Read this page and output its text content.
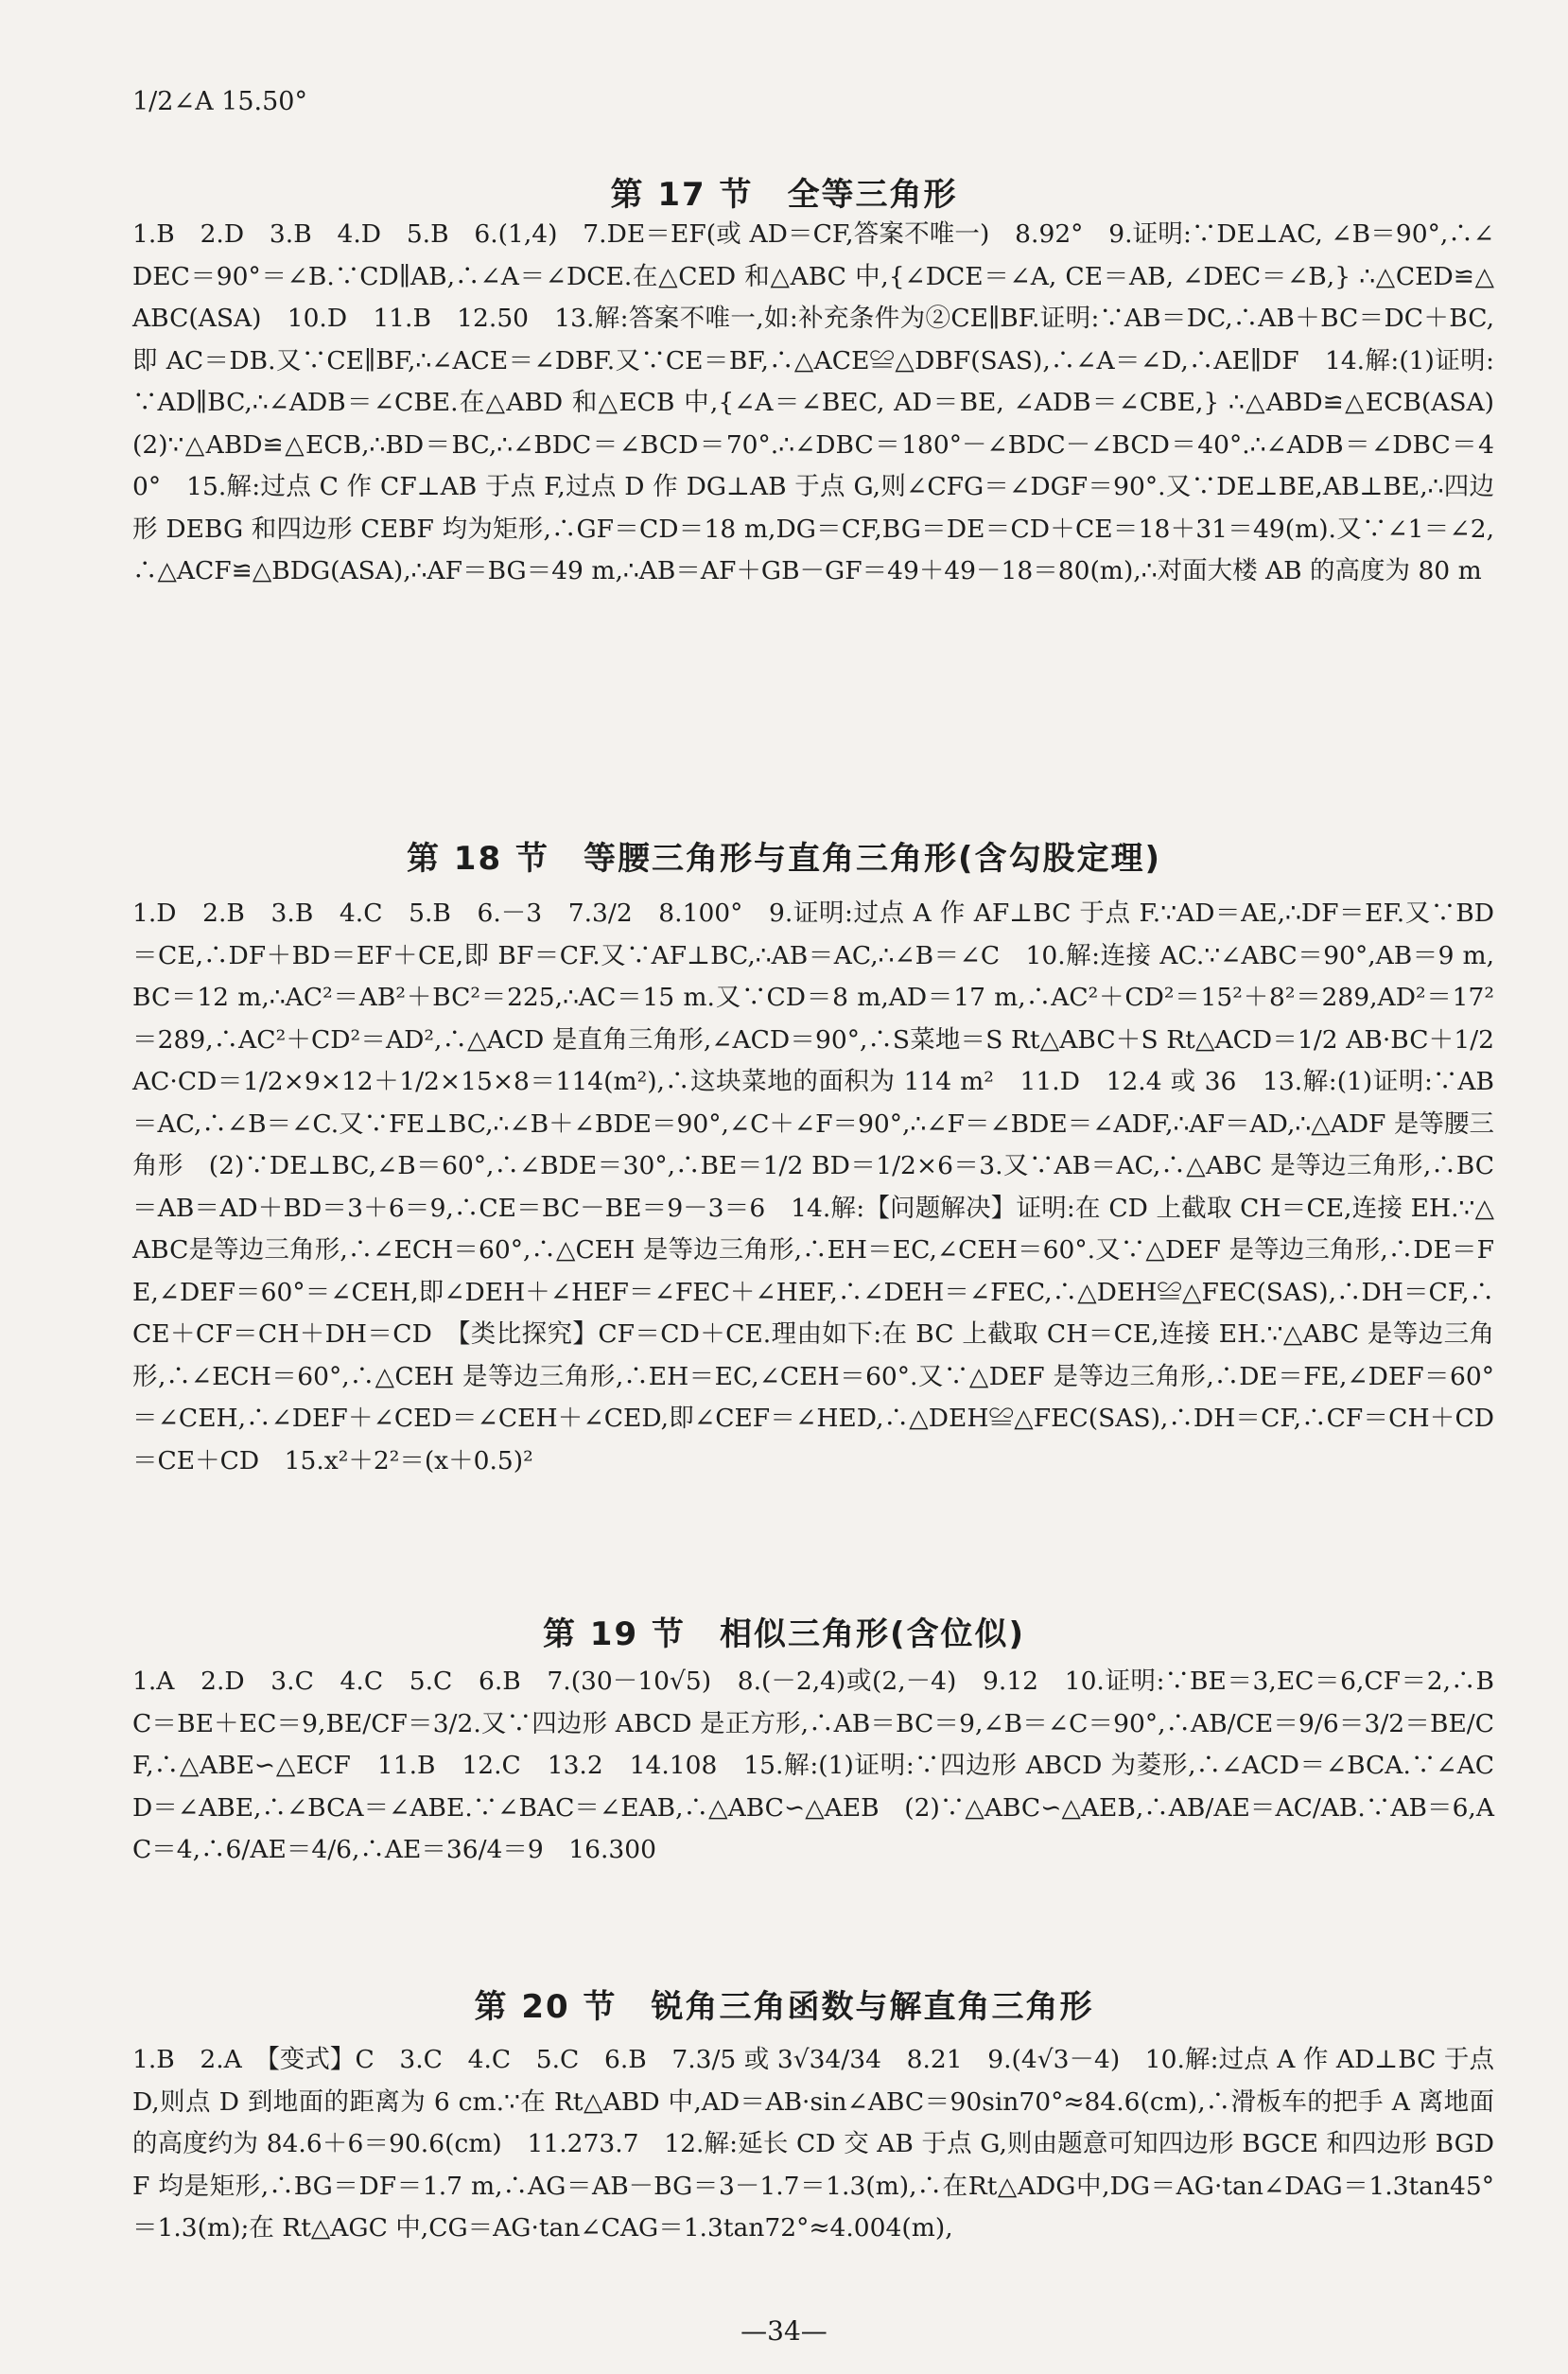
1/2∠A 15.50°
第 17 节　全等三角形
1.B　2.D　3.B　4.D　5.B　6.(1,4)　7.DE＝EF(或 AD＝CF,答案不唯一)　8.92°　9.证明:∵DE⊥AC, ∠B＝90°,∴∠DEC＝90°＝∠B.∵CD∥AB,∴∠A＝∠DCE.在△CED 和△ABC 中,{∠DCE＝∠A, CE＝AB, ∠DEC＝∠B,} ∴△CED≌△ABC(ASA)　10.D　11.B　12.50　13.解:答案不唯一,如:补充条件为②CE∥BF.证明:∵AB＝DC,∴AB＋BC＝DC＋BC,即 AC＝DB.又∵CE∥BF,∴∠ACE＝∠DBF.又∵CE＝BF,∴△ACE≌△DBF(SAS),∴∠A＝∠D,∴AE∥DF　14.解:(1)证明:∵AD∥BC,∴∠ADB＝∠CBE.在△ABD 和△ECB 中,{∠A＝∠BEC, AD＝BE, ∠ADB＝∠CBE,} ∴△ABD≌△ECB(ASA)　(2)∵△ABD≌△ECB,∴BD＝BC,∴∠BDC＝∠BCD＝70°.∴∠DBC＝180°－∠BDC－∠BCD＝40°.∴∠ADB＝∠DBC＝40°　15.解:过点 C 作 CF⊥AB 于点 F,过点 D 作 DG⊥AB 于点 G,则∠CFG＝∠DGF＝90°.又∵DE⊥BE,AB⊥BE,∴四边形 DEBG 和四边形 CEBF 均为矩形,∴GF＝CD＝18 m,DG＝CF,BG＝DE＝CD＋CE＝18＋31＝49(m).又∵∠1＝∠2,∴△ACF≌△BDG(ASA),∴AF＝BG＝49 m,∴AB＝AF＋GB－GF＝49＋49－18＝80(m),∴对面大楼 AB 的高度为 80 m
第 18 节　等腰三角形与直角三角形(含勾股定理)
1.D　2.B　3.B　4.C　5.B　6.－3　7.3/2　8.100°　9.证明:过点 A 作 AF⊥BC 于点 F.∵AD＝AE,∴DF＝EF.又∵BD＝CE,∴DF＋BD＝EF＋CE,即 BF＝CF.又∵AF⊥BC,∴AB＝AC,∴∠B＝∠C　10.解:连接 AC.∵∠ABC＝90°,AB＝9 m,BC＝12 m,∴AC²＝AB²＋BC²＝225,∴AC＝15 m.又∵CD＝8 m,AD＝17 m,∴AC²＋CD²＝15²＋8²＝289,AD²＝17²＝289,∴AC²＋CD²＝AD²,∴△ACD 是直角三角形,∠ACD＝90°,∴S菜地＝S Rt△ABC＋S Rt△ACD＝1/2 AB·BC＋1/2 AC·CD＝1/2×9×12＋1/2×15×8＝114(m²),∴这块菜地的面积为 114 m²　11.D　12.4 或 36　13.解:(1)证明:∵AB＝AC,∴∠B＝∠C.又∵FE⊥BC,∴∠B＋∠BDE＝90°,∠C＋∠F＝90°,∴∠F＝∠BDE＝∠ADF,∴AF＝AD,∴△ADF 是等腰三角形　(2)∵DE⊥BC,∠B＝60°,∴∠BDE＝30°,∴BE＝1/2 BD＝1/2×6＝3.又∵AB＝AC,∴△ABC 是等边三角形,∴BC＝AB＝AD＋BD＝3＋6＝9,∴CE＝BC－BE＝9－3＝6　14.解:【问题解决】证明:在 CD 上截取 CH＝CE,连接 EH.∵△ABC是等边三角形,∴∠ECH＝60°,∴△CEH 是等边三角形,∴EH＝EC,∠CEH＝60°.又∵△DEF 是等边三角形,∴DE＝FE,∠DEF＝60°＝∠CEH,即∠DEH＋∠HEF＝∠FEC＋∠HEF,∴∠DEH＝∠FEC,∴△DEH≌△FEC(SAS),∴DH＝CF,∴CE＋CF＝CH＋DH＝CD　【类比探究】CF＝CD＋CE.理由如下:在 BC 上截取 CH＝CE,连接 EH.∵△ABC 是等边三角形,∴∠ECH＝60°,∴△CEH 是等边三角形,∴EH＝EC,∠CEH＝60°.又∵△DEF 是等边三角形,∴DE＝FE,∠DEF＝60°＝∠CEH,∴∠DEF＋∠CED＝∠CEH＋∠CED,即∠CEF＝∠HED,∴△DEH≌△FEC(SAS),∴DH＝CF,∴CF＝CH＋CD＝CE＋CD　15.x²＋2²＝(x＋0.5)²
第 19 节　相似三角形(含位似)
1.A　2.D　3.C　4.C　5.C　6.B　7.(30－10√5)　8.(－2,4)或(2,－4)　9.12　10.证明:∵BE＝3,EC＝6,CF＝2,∴BC＝BE＋EC＝9,BE/CF＝3/2.又∵四边形 ABCD 是正方形,∴AB＝BC＝9,∠B＝∠C＝90°,∴AB/CE＝9/6＝3/2＝BE/CF,∴△ABE∽△ECF　11.B　12.C　13.2　14.108　15.解:(1)证明:∵四边形 ABCD 为菱形,∴∠ACD＝∠BCA.∵∠ACD＝∠ABE,∴∠BCA＝∠ABE.∵∠BAC＝∠EAB,∴△ABC∽△AEB　(2)∵△ABC∽△AEB,∴AB/AE＝AC/AB.∵AB＝6,AC＝4,∴6/AE＝4/6,∴AE＝36/4＝9　16.300
第 20 节　锐角三角函数与解直角三角形
1.B　2.A　【变式】C　3.C　4.C　5.C　6.B　7.3/5 或 3√34/34　8.21　9.(4√3－4)　10.解:过点 A 作 AD⊥BC 于点 D,则点 D 到地面的距离为 6 cm.∵在 Rt△ABD 中,AD＝AB·sin∠ABC＝90sin70°≈84.6(cm),∴滑板车的把手 A 离地面的高度约为 84.6＋6＝90.6(cm)　11.273.7　12.解:延长 CD 交 AB 于点 G,则由题意可知四边形 BGCE 和四边形 BGDF 均是矩形,∴BG＝DF＝1.7 m,∴AG＝AB－BG＝3－1.7＝1.3(m),∴在Rt△ADG中,DG＝AG·tan∠DAG＝1.3tan45°＝1.3(m);在 Rt△AGC 中,CG＝AG·tan∠CAG＝1.3tan72°≈4.004(m),
—34—
